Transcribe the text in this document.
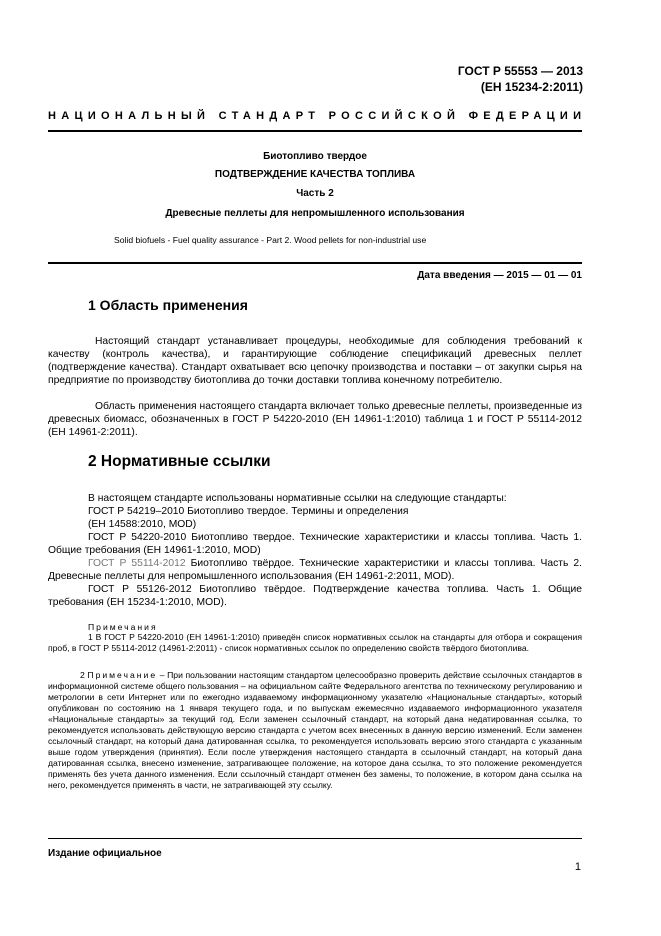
ГОСТ Р 55553 — 2013
(ЕН 15234-2:2011)
НАЦИОНАЛЬНЫЙ СТАНДАРТ РОССИЙСКОЙ ФЕДЕРАЦИИ
Биотопливо твердое
ПОДТВЕРЖДЕНИЕ КАЧЕСТВА ТОПЛИВА
Часть 2
Древесные пеллеты для непромышленного использования
Solid biofuels - Fuel quality assurance - Part 2. Wood pellets for non-industrial use
Дата введения — 2015 — 01 — 01
1 Область применения

Настоящий стандарт устанавливает процедуры, необходимые для соблюдения требований к качеству (контроль качества), и гарантирующие соблюдение спецификаций древесных пеллет (подтверждение качества). Стандарт охватывает всю цепочку производства и поставки – от закупки сырья на предприятие по производству биотоплива до точки доставки топлива конечному потребителю.

Область применения настоящего стандарта включает только древесные пеллеты, произведенные из древесных биомасс, обозначенных в ГОСТ Р 54220-2010 (ЕН 14961-1:2010) таблица 1 и ГОСТ Р 55114-2012 (ЕН 14961-2:2011).

2 Нормативные ссылки

В настоящем стандарте использованы нормативные ссылки на следующие стандарты:

ГОСТ Р 54219–2010 Биотопливо твердое. Термины и определения

(ЕН 14588:2010, MOD)

ГОСТ Р 54220-2010 Биотопливо твердое. Технические характеристики и классы топлива. Часть 1. Общие требования (ЕН 14961-1:2010, MOD)

ГОСТ Р 55114-2012 Биотопливо твёрдое. Технические характеристики и классы топлива. Часть 2. Древесные пеллеты для непромышленного использования (ЕН 14961-2:2011, MOD).

ГОСТ Р 55126-2012 Биотопливо твёрдое. Подтверждение качества топлива. Часть 1. Общие требования (ЕН 15234-1:2010, MOD).

Примечания

1 В ГОСТ Р 54220-2010 (ЕН 14961-1:2010) приведён список нормативных ссылок на стандарты для отбора и сокращения проб, в ГОСТ Р 55114-2012 (14961-2:2011) - список нормативных ссылок по определению свойств твёрдого биотоплива.

2 Примечание – При пользовании настоящим стандартом целесообразно проверить действие ссылочных стандартов в информационной системе общего пользования – на официальном сайте Федерального агентства по техническому регулированию и метрологии в сети Интернет или по ежегодно издаваемому информационному указателю «Национальные стандарты», который опубликован по состоянию на 1 января текущего года, и по выпускам ежемесячно издаваемого информационного указателя «Национальные стандарты» за текущий год. Если заменен ссылочный стандарт, на который дана недатированная ссылка, то рекомендуется использовать действующую версию стандарта с учетом всех внесенных в данную версию изменений. Если заменен ссылочный стандарт, на который дана датированная ссылка, то рекомендуется использовать версию этого стандарта с указанным выше годом утверждения (принятия). Если после утверждения настоящего стандарта в ссылочный стандарт, на который дана датированная ссылка, внесено изменение, затрагивающее положение, на которое дана ссылка, то это положение рекомендуется применять без учета данного изменения. Если ссылочный стандарт отменен без замены, то положение, в котором дана ссылка на него, рекомендуется применять в части, не затрагивающей эту ссылку.

Издание официальное
1
